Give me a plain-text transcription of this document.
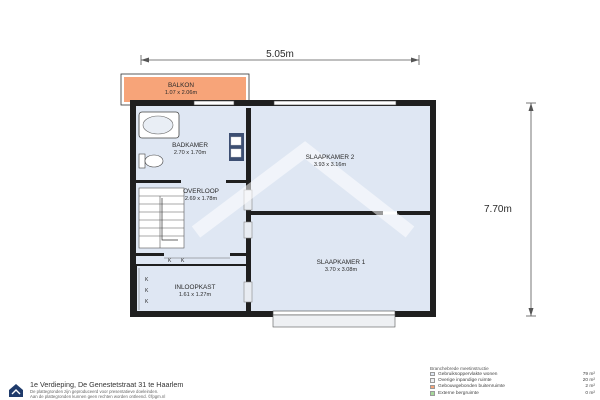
5.05m
7.70m
K K
K
K
K
BALKON
1.07 x 2.06m
BADKAMER
2.70 x 1.70m
OVERLOOP
2.69 x 1.78m
INLOOPKAST
1.61 x 1.27m
SLAAPKAMER 2
3.93 x 3.16m
SLAAPKAMER 1
3.70 x 3.08m
1e Verdieping, De Genestetstraat 31 te Haarlem
De plattegronden zijn geproduceerd voor presentatieve doeleinden.
Aan de plattegronden kunnen geen rechten worden ontleend. ©fpgm.nl
Branchebrede meetinstructie
Gebruiksoppervlakte wonen	79 m²
Overige inpandige ruimte	20 m²
Gebouwgebonden buitenruimte	2 m²
Externe bergruimte	0 m²
